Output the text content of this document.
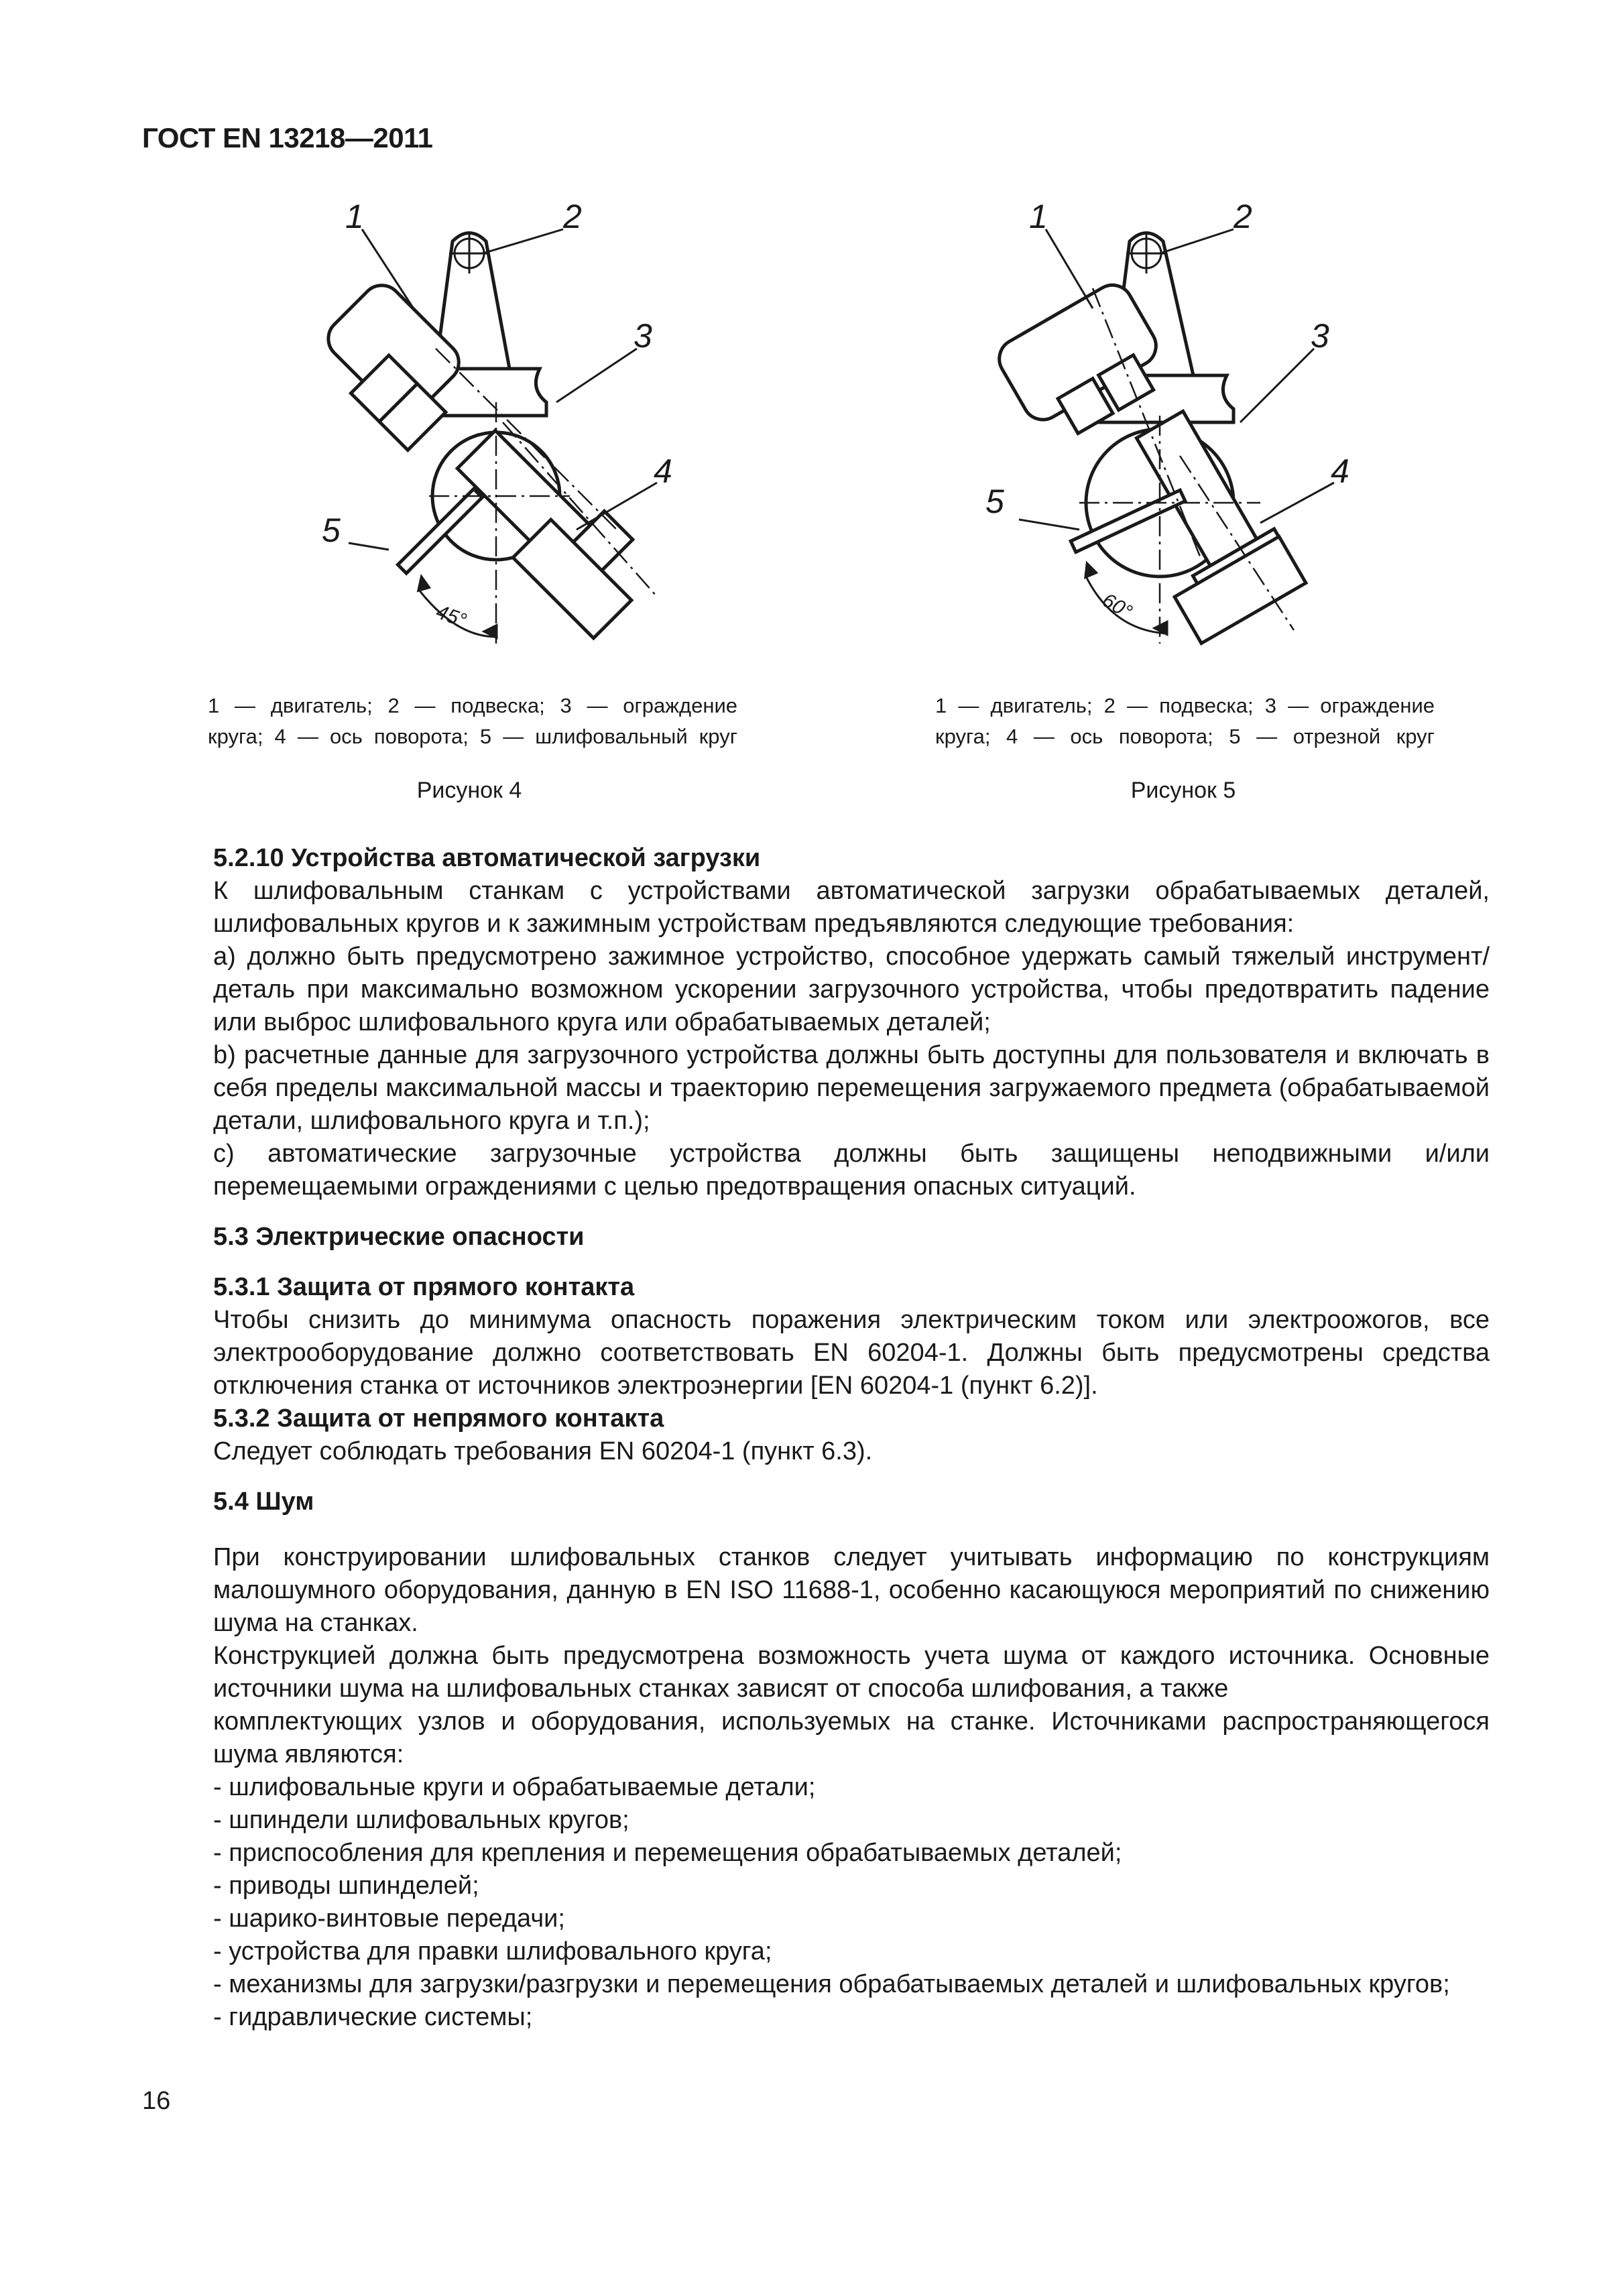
ГОСТ EN 13218—2011
45°
1	2
3
4
5
1 — двигатель; 2 — подвеска; 3 — ограждение
круга; 4 — ось поворота; 5 — шлифовальный круг
Рисунок 4
60°
1	2
3
4
5
1 — двигатель; 2 — подвеска; 3 — ограждение
круга; 4 — ось поворота; 5 — отрезной круг
Рисунок 5
5.2.10 Устройства автоматической загрузки

К шлифовальным станкам с устройствами автоматической загрузки обрабатываемых деталей, шлифовальных кругов и к зажимным устройствам предъявляются следующие требования:

a) должно быть предусмотрено зажимное устройство, способное удержать самый тяжелый инструмент/деталь при максимально возможном ускорении загрузочного устройства, чтобы предотвратить падение или выброс шлифовального круга или обрабатываемых деталей;

b) расчетные данные для загрузочного устройства должны быть доступны для пользователя и включать в себя пределы максимальной массы и траекторию перемещения загружаемого предмета (обрабатываемой детали, шлифовального круга и т.п.);

c) автоматические загрузочные устройства должны быть защищены неподвижными и/или перемещаемыми ограждениями с целью предотвращения опасных ситуаций.

5.3 Электрические опасности
5.3.1 Защита от прямого контакта

Чтобы снизить до минимума опасность поражения электрическим током или электроожогов, все электрооборудование должно соответствовать EN 60204-1. Должны быть предусмотрены средства отключения станка от источников электроэнергии [EN 60204-1 (пункт 6.2)].

5.3.2 Защита от непрямого контакта

Следует соблюдать требования EN 60204-1 (пункт 6.3).

5.4 Шум

При конструировании шлифовальных станков следует учитывать информацию по конструкциям малошумного оборудования, данную в EN ISO 11688-1, особенно касающуюся мероприятий по снижению шума на станках.

Конструкцией должна быть предусмотрена возможность учета шума от каждого источника. Основные источники шума на шлифовальных станках зависят от способа шлифования, а также

комплектующих узлов и оборудования, используемых на станке. Источниками распространяющегося шума являются:

- шлифовальные круги и обрабатываемые детали;

- шпиндели шлифовальных кругов;

- приспособления для крепления и перемещения обрабатываемых деталей;

- приводы шпинделей;

- шарико-винтовые передачи;

- устройства для правки шлифовального круга;

- механизмы для загрузки/разгрузки и перемещения обрабатываемых деталей и шлифовальных кругов;

- гидравлические системы;

16
